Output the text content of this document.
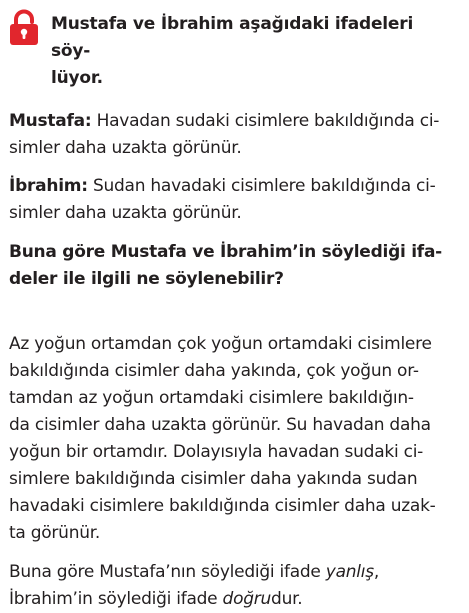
Mustafa ve İbrahim aşağıdaki ifadeleri söy-
lüyor.
Mustafa: Havadan sudaki cisimlere bakıldığında ci-
simler daha uzakta görünür.
İbrahim: Sudan havadaki cisimlere bakıldığında ci-
simler daha uzakta görünür.
Buna göre Mustafa ve İbrahim’in söylediği ifa-
deler ile ilgili ne söylenebilir?
Az yoğun ortamdan çok yoğun ortamdaki cisimlere
bakıldığında cisimler daha yakında, çok yoğun or-
tamdan az yoğun ortamdaki cisimlere bakıldığın-
da cisimler daha uzakta görünür. Su havadan daha
yoğun bir ortamdır. Dolayısıyla havadan sudaki ci-
simlere bakıldığında cisimler daha yakında sudan
havadaki cisimlere bakıldığında cisimler daha uzak-
ta görünür.
Buna göre Mustafa’nın söylediği ifade yanlış,
İbrahim’in söylediği ifade doğrudur.
